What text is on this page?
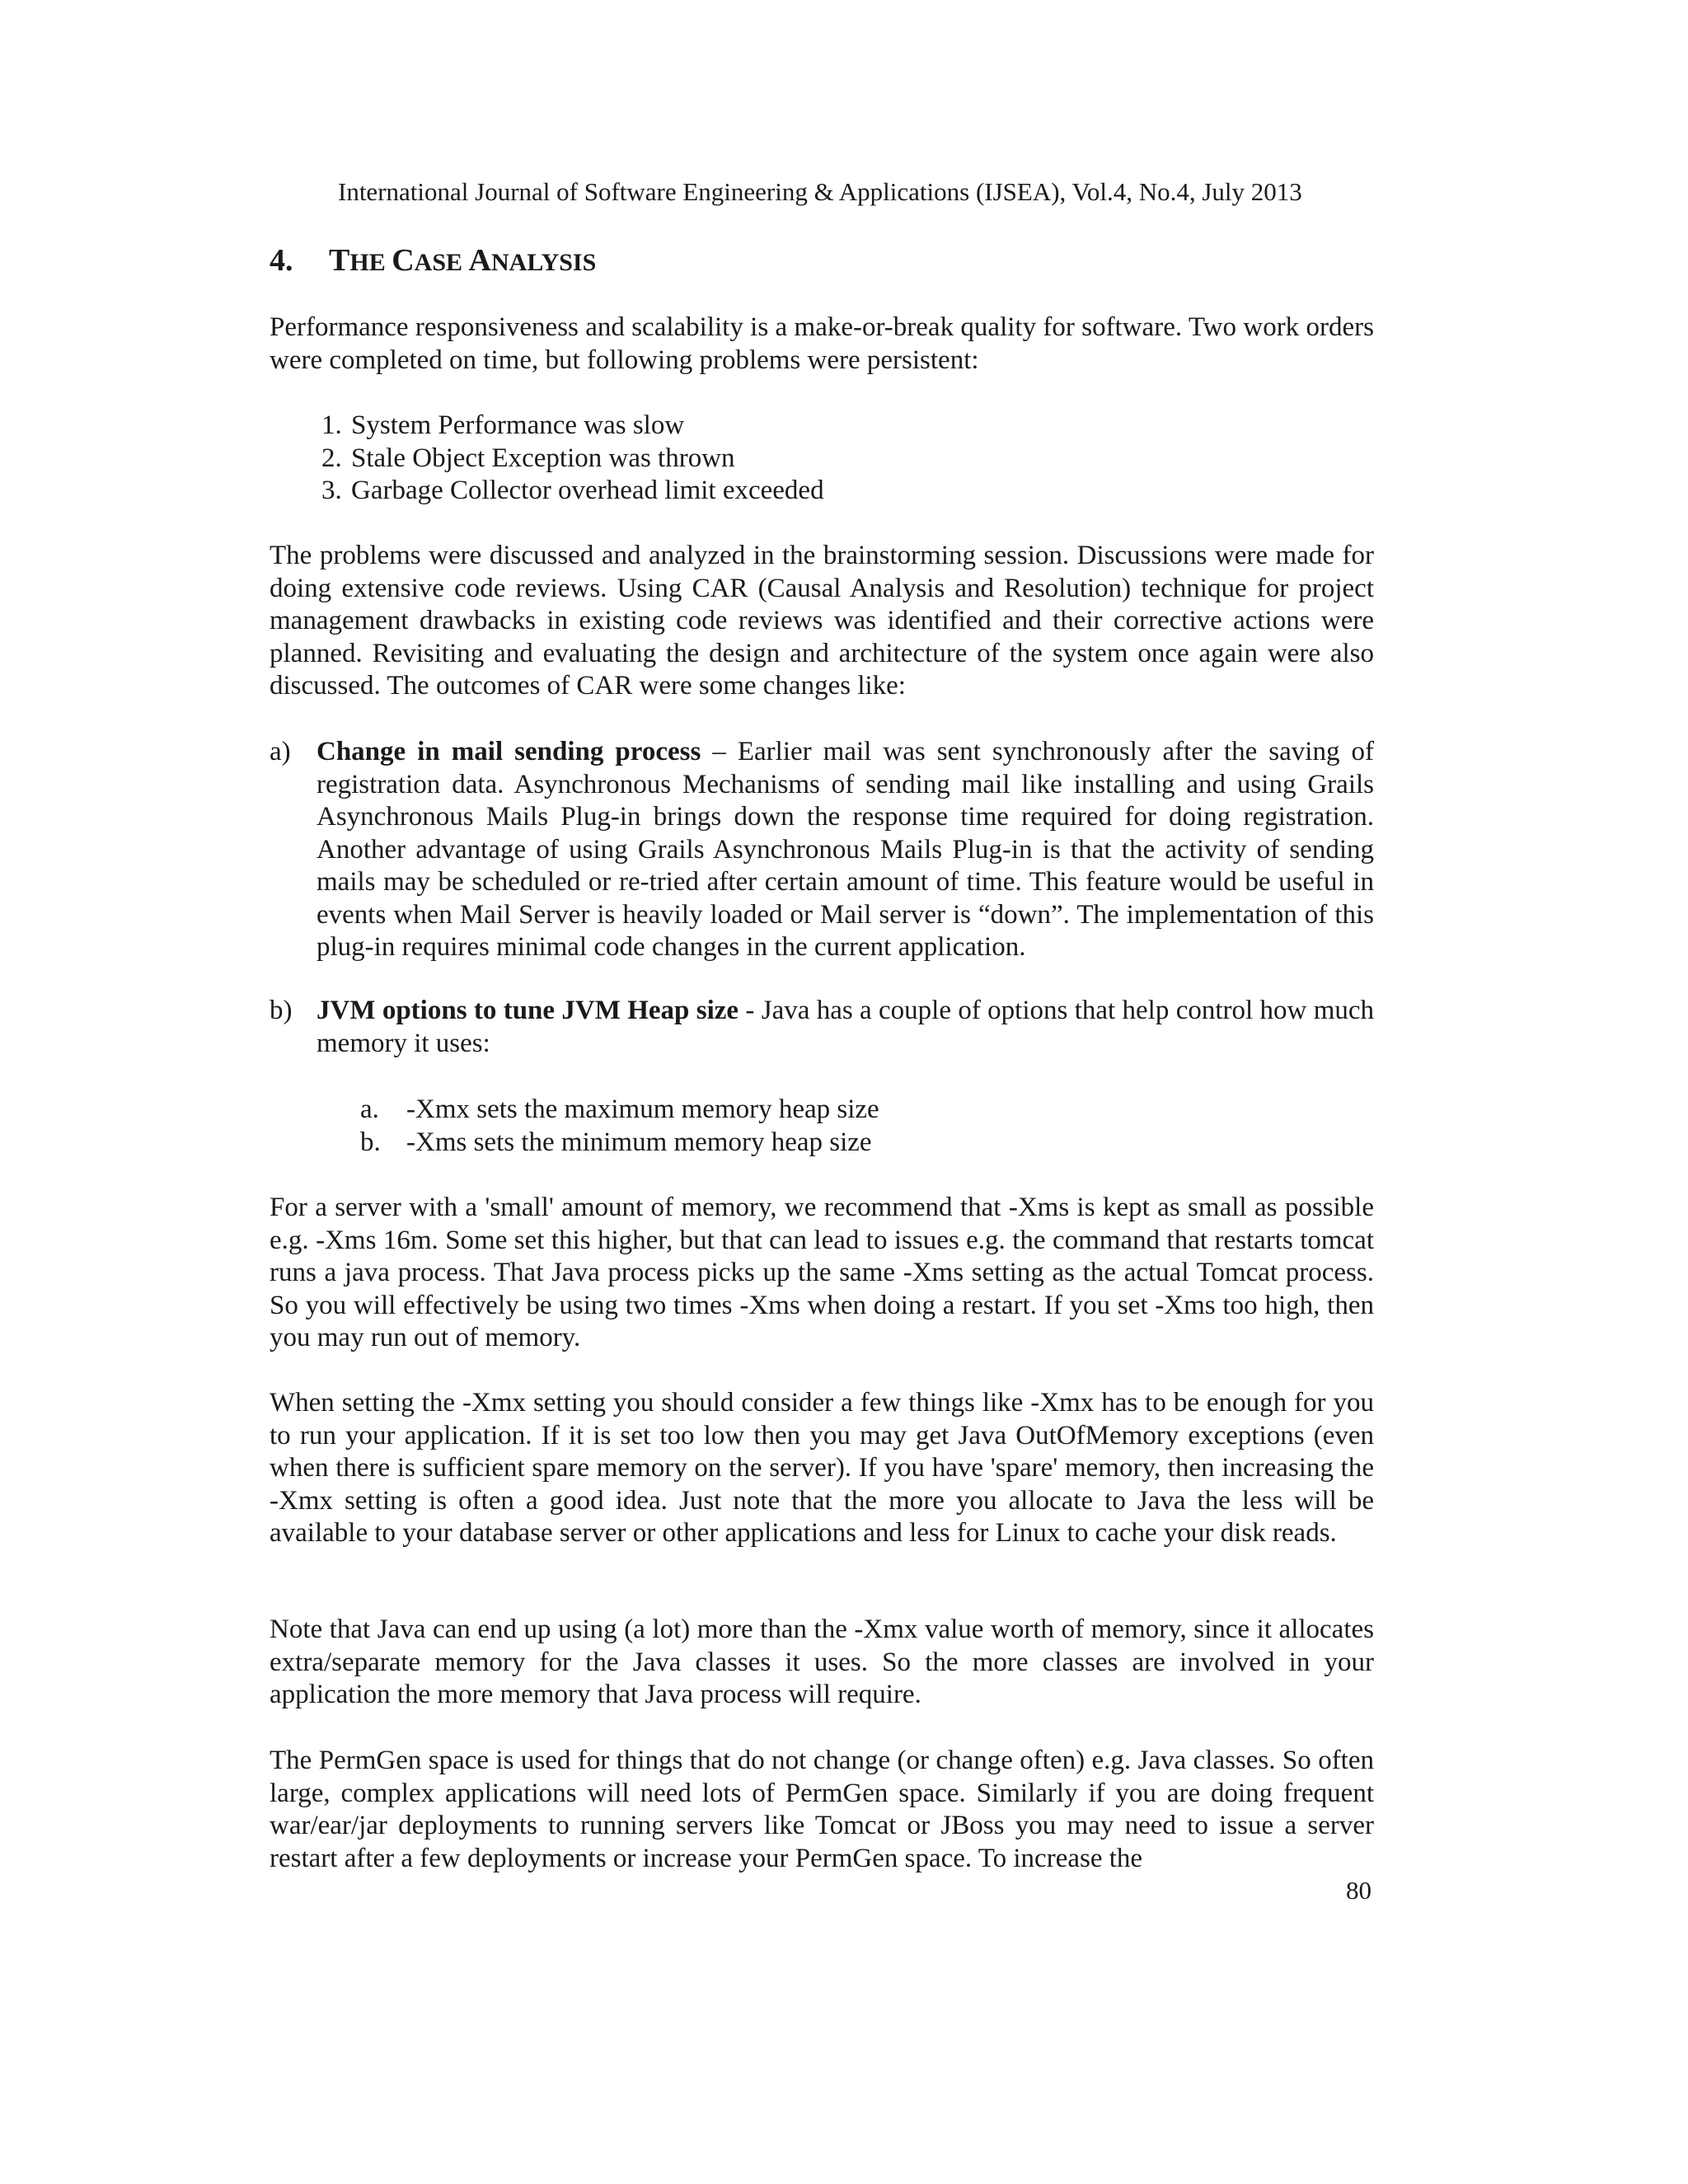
International Journal of Software Engineering & Applications (IJSEA), Vol.4, No.4, July 2013
4. THE CASE ANALYSIS

Performance responsiveness and scalability is a make-or-break quality for software. Two work orders were completed on time, but following problems were persistent:

1. System Performance was slow
2. Stale Object Exception was thrown
3. Garbage Collector overhead limit exceeded

The problems were discussed and analyzed in the brainstorming session. Discussions were made for doing extensive code reviews. Using CAR (Causal Analysis and Resolution) technique for project management drawbacks in existing code reviews was identified and their corrective actions were planned. Revisiting and evaluating the design and architecture of the system once again were also discussed. The outcomes of CAR were some changes like:

a) Change in mail sending process – Earlier mail was sent synchronously after the saving of registration data. Asynchronous Mechanisms of sending mail like installing and using Grails Asynchronous Mails Plug-in brings down the response time required for doing registration. Another advantage of using Grails Asynchronous Mails Plug-in is that the activity of sending mails may be scheduled or re-tried after certain amount of time. This feature would be useful in events when Mail Server is heavily loaded or Mail server is “down”. The implementation of this plug-in requires minimal code changes in the current application.
b) JVM options to tune JVM Heap size - Java has a couple of options that help control how much memory it uses:
a.	-Xmx sets the maximum memory heap size
b. -Xms sets the minimum memory heap size

For a server with a 'small' amount of memory, we recommend that -Xms is kept as small as possible e.g. -Xms 16m. Some set this higher, but that can lead to issues e.g. the command that restarts tomcat runs a java process. That Java process picks up the same -Xms setting as the actual Tomcat process. So you will effectively be using two times -Xms when doing a restart. If you set -Xms too high, then you may run out of memory.

When setting the -Xmx setting you should consider a few things like -Xmx has to be enough for you to run your application. If it is set too low then you may get Java OutOfMemory exceptions (even when there is sufficient spare memory on the server). If you have 'spare' memory, then increasing the -Xmx setting is often a good idea. Just note that the more you allocate to Java the less will be available to your database server or other applications and less for Linux to cache your disk reads.

Note that Java can end up using (a lot) more than the -Xmx value worth of memory, since it allocates extra/separate memory for the Java classes it uses. So the more classes are involved in your application the more memory that Java process will require.

The PermGen space is used for things that do not change (or change often) e.g. Java classes. So often large, complex applications will need lots of PermGen space. Similarly if you are doing frequent war/ear/jar deployments to running servers like Tomcat or JBoss you may need to issue a server restart after a few deployments or increase your PermGen space. To increase the

80
